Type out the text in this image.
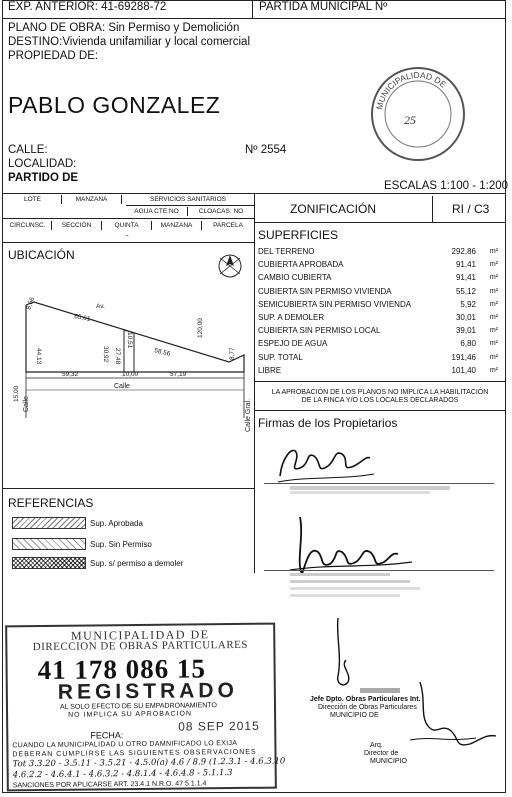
EXP. ANTERIOR: 41-69288-72	PARTIDA MUNICIPAL Nº
PLANO DE OBRA: Sin Permiso y Demolición
DESTINO:Vivienda unifamiliar y local comercial
PROPIEDAD DE:
PABLO GONZALEZ
CALLE:	Nº 2554
LOCALIDAD:
PARTIDO DE
ESCALAS 1:100 - 1:200
MUNICIPALIDAD DE
25
LOTE	MANZANA	SERVICIOS SANITARIOS
AGUA CTE:NO	CLOACAS: NO
CIRCUNSC.	SECCIÓN	QUINTA	MANZANA	PARCELA
-
ZONIFICACIÓN	RI / C3
SUPERFICIES
DEL TERRENO	292,86 m²
CUBIERTA APROBADA	91,41 m²
CAMBIO CUBIERTA	91,41 m²
CUBIERTA SIN PERMISO VIVIENDA	55,12 m²
SEMICUBIERTA SIN PERMISO VIVIENDA	5,92 m²
SUP. A DEMOLER	30,01 m²
CUBIERTA SIN PERMISO LOCAL	39,01 m²
ESPEJO DE AGUA	6,80 m²
SUP. TOTAL	191,46 m²
LIBRE	101,40 m²
LA APROBACIÓN DE LOS PLANOS NO IMPLICA LA HABILITACIÓN
DE LA FINCA Y/O LOS LOCALES DECLARADOS
UBICACIÓN
Av.
65,61
44,13
8,66
10,51
30,92 27,48	58,56
120,00
59,32	10,00	57,19
8,77
15,00	Calle
Calle	Calle Gral. Firmas de los Propietarios
REFERENCIAS
Sup. Aprobada
Sup. Sin Permiso
Sup. s/ permiso a demoler
MUNICIPALIDAD DE
DIRECCION DE OBRAS PARTICULARES
41 178 086 15
REGISTRADO
AL SOLO EFECTO DE SU EMPADRONAMIENTO
NO IMPLICA SU APROBACION
FECHA:
08 SEP 2015
CUANDO LA MUNICIPALIDAD U OTRO DAMNIFICADO LO EXIJA
DEBERAN CUMPLIRSE LAS SIGUIENTES OBSERVACIONES
Tot 3.3.20 - 3.5.11 - 3.5.21 - 4.5.0(a) 4.6 / 8.9 (1.2.3.1 - 4.6.3.10
4.6.2.2 - 4.6.4.1 - 4.6.3.2 - 4.8.1.4 - 4.6.4.8 - 5.1.1.3
SANCIONES POR APLICARSE ART. 23.4.1 N.R.O. 47 5.1.1.4
Jefe Dpto. Obras Particulares Int.
Dirección de Obras Particulares
MUNICIPIO DE
Arq.
Director de
MUNICIPIO
